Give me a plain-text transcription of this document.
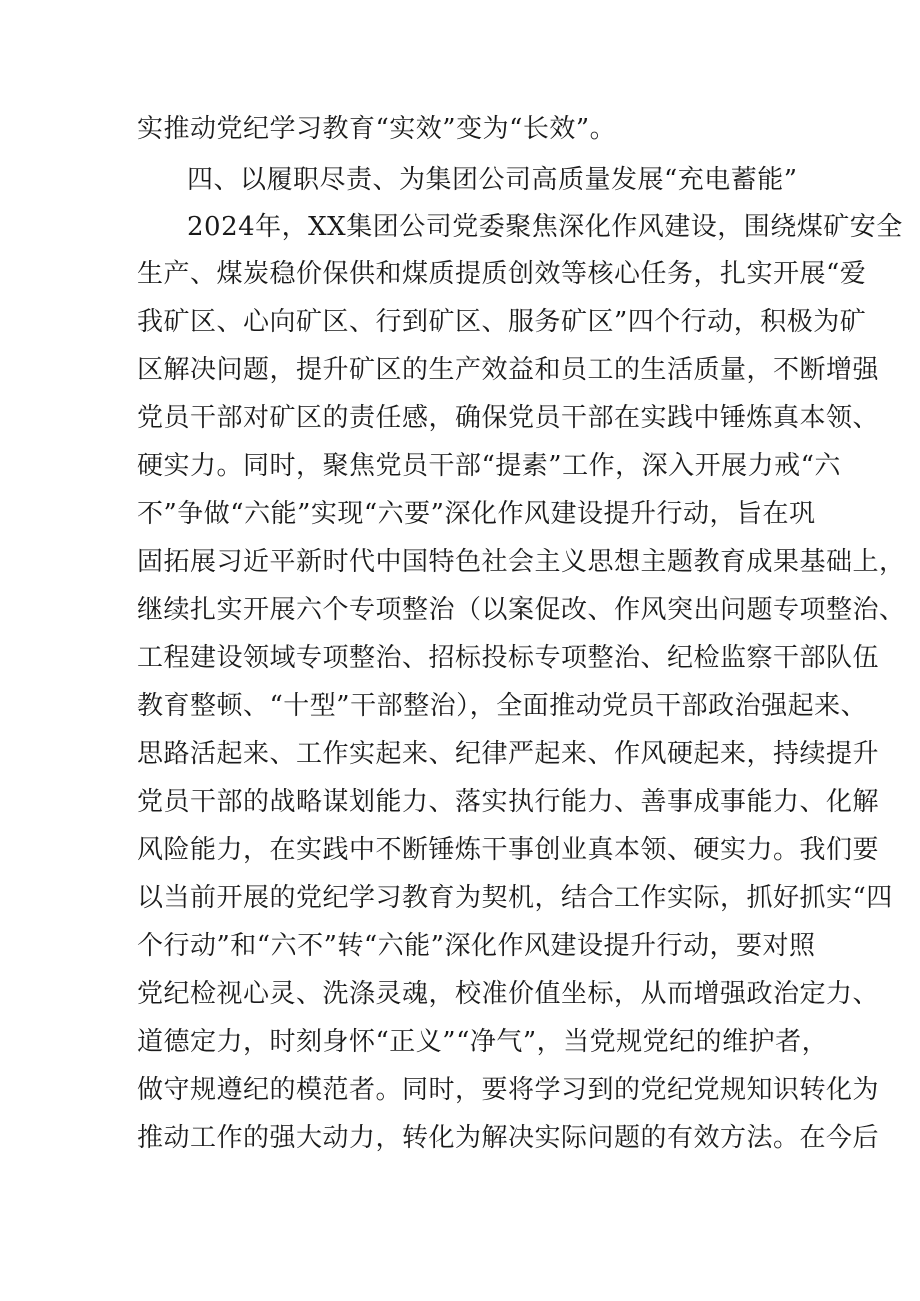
实推动党纪学习教育“实效”变为“长效”。
四、以履职尽责、为集团公司高质量发展“充电蓄能”
2024年，XX集团公司党委聚焦深化作风建设，围绕煤矿安全
生产、煤炭稳价保供和煤质提质创效等核心任务，扎实开展“爱
我矿区、心向矿区、行到矿区、服务矿区”四个行动，积极为矿
区解决问题，提升矿区的生产效益和员工的生活质量，不断增强
党员干部对矿区的责任感，确保党员干部在实践中锤炼真本领、
硬实力。同时，聚焦党员干部“提素”工作，深入开展力戒“六
不”争做“六能”实现“六要”深化作风建设提升行动，旨在巩
固拓展习近平新时代中国特色社会主义思想主题教育成果基础上，
继续扎实开展六个专项整治（以案促改、作风突出问题专项整治、
工程建设领域专项整治、招标投标专项整治、纪检监察干部队伍
教育整顿、“十型”干部整治），全面推动党员干部政治强起来、
思路活起来、工作实起来、纪律严起来、作风硬起来，持续提升
党员干部的战略谋划能力、落实执行能力、善事成事能力、化解
风险能力，在实践中不断锤炼干事创业真本领、硬实力。我们要
以当前开展的党纪学习教育为契机，结合工作实际，抓好抓实“四
个行动”和“六不”转“六能”深化作风建设提升行动，要对照
党纪检视心灵、洗涤灵魂，校准价值坐标，从而增强政治定力、
道德定力，时刻身怀“正义”“净气”，当党规党纪的维护者，
做守规遵纪的模范者。同时，要将学习到的党纪党规知识转化为
推动工作的强大动力，转化为解决实际问题的有效方法。在今后
